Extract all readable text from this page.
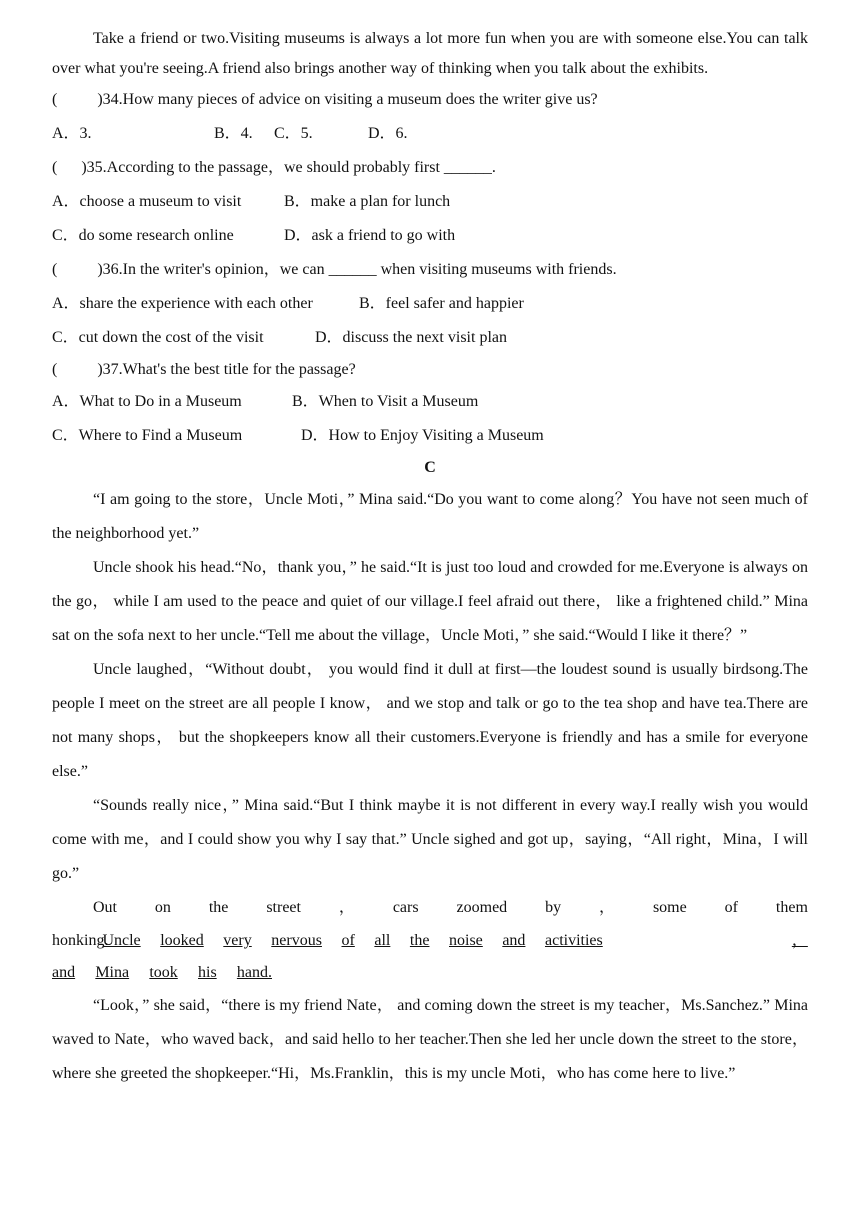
Take a friend or two.Visiting museums is always a lot more fun when you are with someone else.You can talk over what you're seeing.A friend also brings another way of thinking when you talk about the exhibits.

(          )34.How many pieces of advice on visiting a museum does the writer give us?

A．3.	B．4.	C．5.	D．6.

(      )35.According to the passage，we should probably first ______.

A．choose a museum to visit	B．make a plan for lunch
C．do some research online	D．ask a friend to go with

(          )36.In the writer's opinion，we can ______ when visiting museums with friends.

A．share the experience with each other	B．feel safer and happier
C．cut down the cost of the visit	D．discuss the next visit plan

(          )37.What's the best title for the passage?

A．What to Do in a Museum	B．When to Visit a Museum
C．Where to Find a Museum	D．How to Enjoy Visiting a Museum

C

“I am going to the store，Uncle Moti，” Mina said.“Do you want to come along？You have not seen much of the neighborhood yet.”

Uncle shook his head.“No，thank you，” he said.“It is just too loud and crowded for me.Everyone is always on the go， while I am used to the peace and quiet of our village.I feel afraid out there， like a frightened child.” Mina sat on the sofa next to her uncle.“Tell me about the village，Uncle Moti，” she said.“Would I like it there？”

Uncle laughed，“Without doubt， you would find it dull at first—the loudest sound is usually birdsong.The people I meet on the street are all people I know， and we stop and talk or go to the tea shop and have tea.There are not many shops， but the shopkeepers know all their customers.Everyone is friendly and has a smile for everyone else.”

“Sounds really nice，” Mina said.“But I think maybe it is not different in every way.I really wish you would come with me，and I could show you why I say that.” Uncle sighed and got up，saying，“All right，Mina，I will go.”

Out on the street ， cars zoomed by ， some of them
honking.
Uncle looked very nervous of all the noise and activities	，
and Mina took his hand.

“Look，” she said，“there is my friend Nate， and coming down the street is my teacher，Ms.Sanchez.” Mina waved to Nate，who waved back，and said hello to her teacher.Then she led her uncle down the street to the store， where she greeted the shopkeeper.“Hi，Ms.Franklin，this is my uncle Moti，who has come here to live.”
